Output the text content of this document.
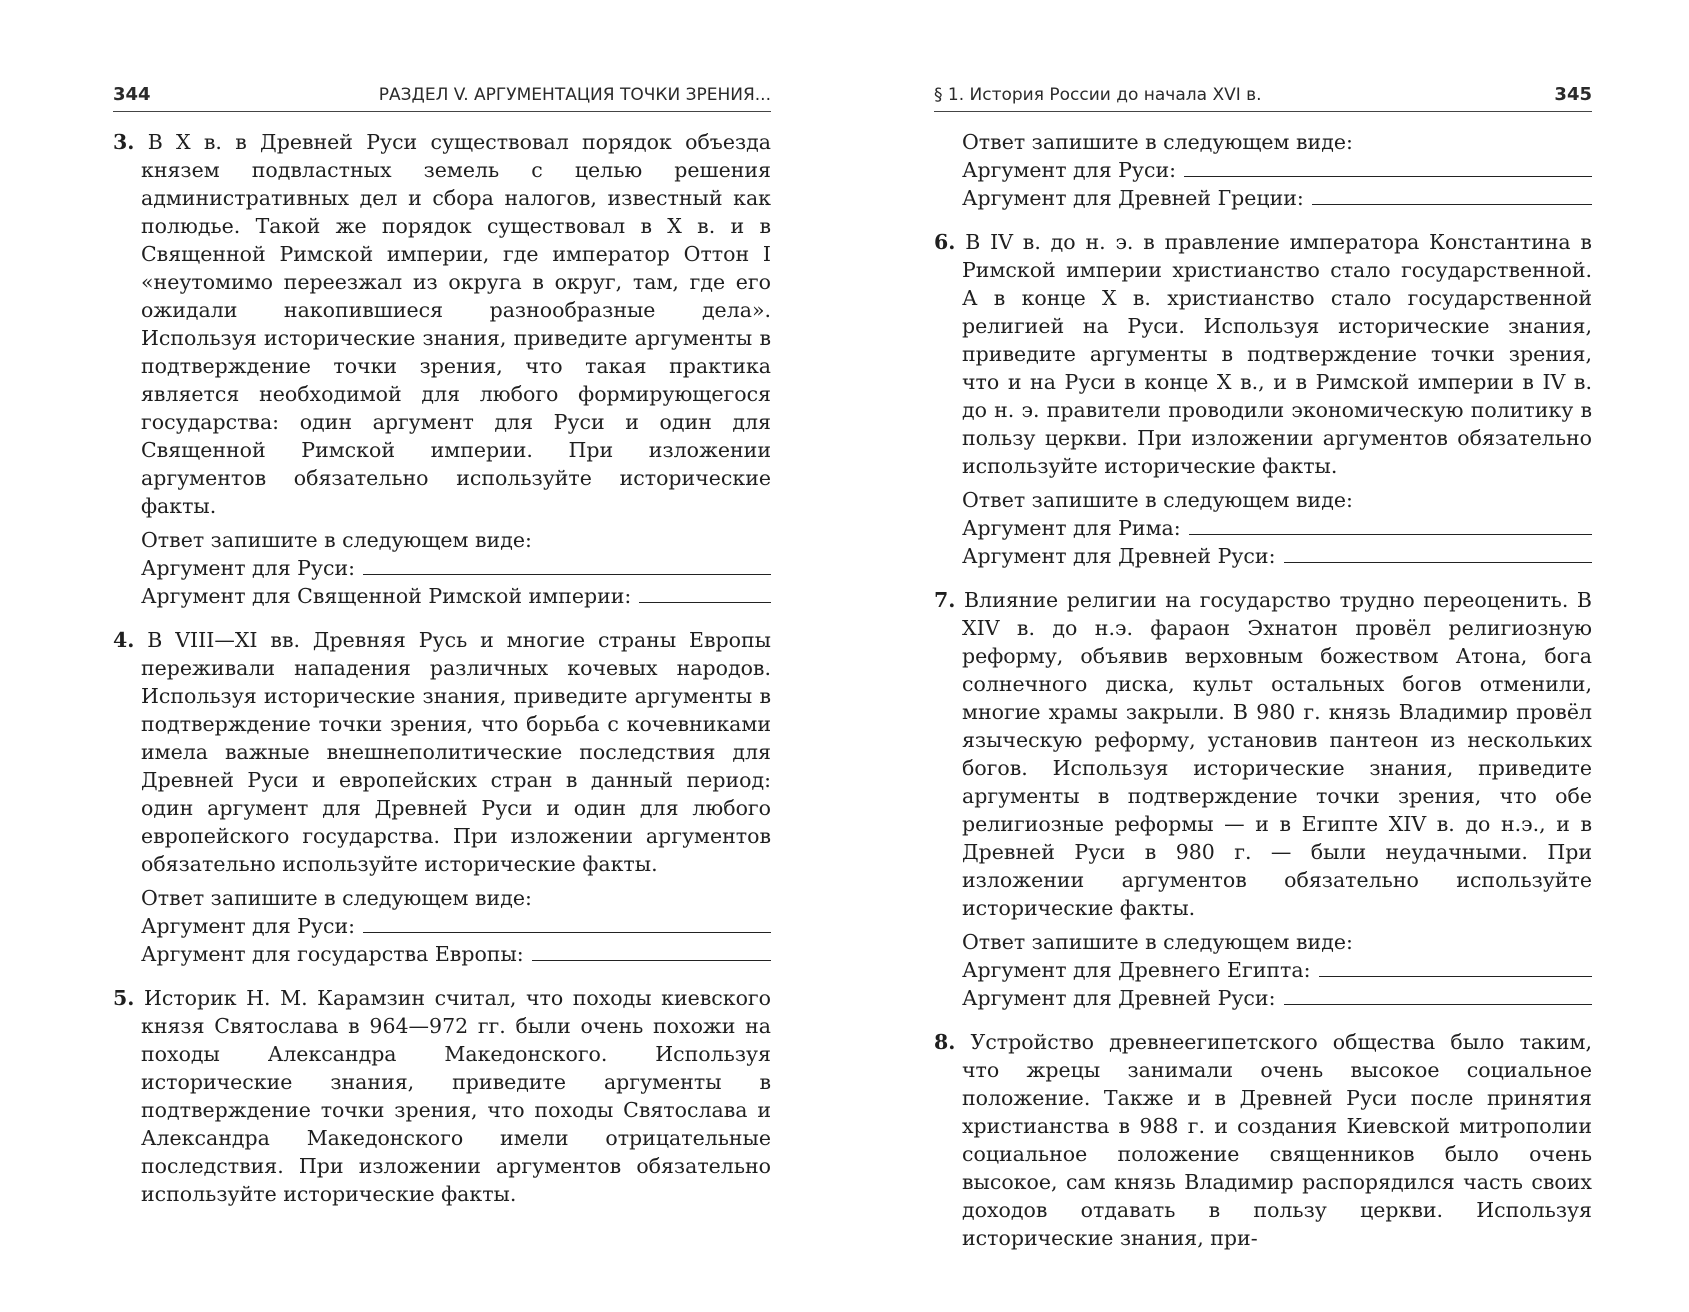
344	РАЗДЕЛ V. АРГУМЕНТАЦИЯ ТОЧКИ ЗРЕНИЯ...

3. В X в. в Древней Руси существовал порядок объезда князем подвластных земель с целью решения административных дел и сбора налогов, известный как полюдье. Такой же порядок существовал в X в. и в Священной Римской империи, где император Оттон I «неутомимо переезжал из округа в округ, там, где его ожидали накопившиеся разнообразные дела». Используя исторические знания, приведите аргументы в подтверждение точки зрения, что такая практика является необходимой для любого формирующегося государства: один аргумент для Руси и один для Священной Римской империи. При изложении аргументов обязательно используйте исторические факты.

Ответ запишите в следующем виде:
Аргумент для Руси:
Аргумент для Священной Римской империи:

4. В VIII—XI вв. Древняя Русь и многие страны Европы переживали нападения различных кочевых народов. Используя исторические знания, приведите аргументы в подтверждение точки зрения, что борьба с кочевниками имела важные внешнеполитические последствия для Древней Руси и европейских стран в данный период: один аргумент для Древней Руси и один для любого европейского государства. При изложении аргументов обязательно используйте исторические факты.

Ответ запишите в следующем виде:
Аргумент для Руси:
Аргумент для государства Европы:

5. Историк Н. М. Карамзин считал, что походы киевского князя Святослава в 964—972 гг. были очень похожи на походы Александра Македонского. Используя исторические знания, приведите аргументы в подтверждение точки зрения, что походы Святослава и Александра Македонского имели отрицательные последствия. При изложении аргументов обязательно используйте исторические факты.

§ 1. История России до начала XVI в.	345
Ответ запишите в следующем виде:
Аргумент для Руси:
Аргумент для Древней Греции:

6. В IV в. до н. э. в правление императора Константина в Римской империи христианство стало государственной. А в конце X в. христианство стало государственной религией на Руси. Используя исторические знания, приведите аргументы в подтверждение точки зрения, что и на Руси в конце X в., и в Римской империи в IV в. до н. э. правители проводили экономическую политику в пользу церкви. При изложении аргументов обязательно используйте исторические факты.

Ответ запишите в следующем виде:
Аргумент для Рима:
Аргумент для Древней Руси:

7. Влияние религии на государство трудно переоценить. В XIV в. до н.э. фараон Эхнатон провёл религиозную реформу, объявив верховным божеством Атона, бога солнечного диска, культ остальных богов отменили, многие храмы закрыли. В 980 г. князь Владимир провёл языческую реформу, установив пантеон из нескольких богов. Используя исторические знания, приведите аргументы в подтверждение точки зрения, что обе религиозные реформы — и в Египте XIV в. до н.э., и в Древней Руси в 980 г. — были неудачными. При изложении аргументов обязательно используйте исторические факты.

Ответ запишите в следующем виде:
Аргумент для Древнего Египта:
Аргумент для Древней Руси:

8. Устройство древнеегипетского общества было таким, что жрецы занимали очень высокое социальное положение. Также и в Древней Руси после принятия христианства в 988 г. и создания Киевской митрополии социальное положение священников было очень высокое, сам князь Владимир распорядился часть своих доходов отдавать в пользу церкви. Используя исторические знания, при-
